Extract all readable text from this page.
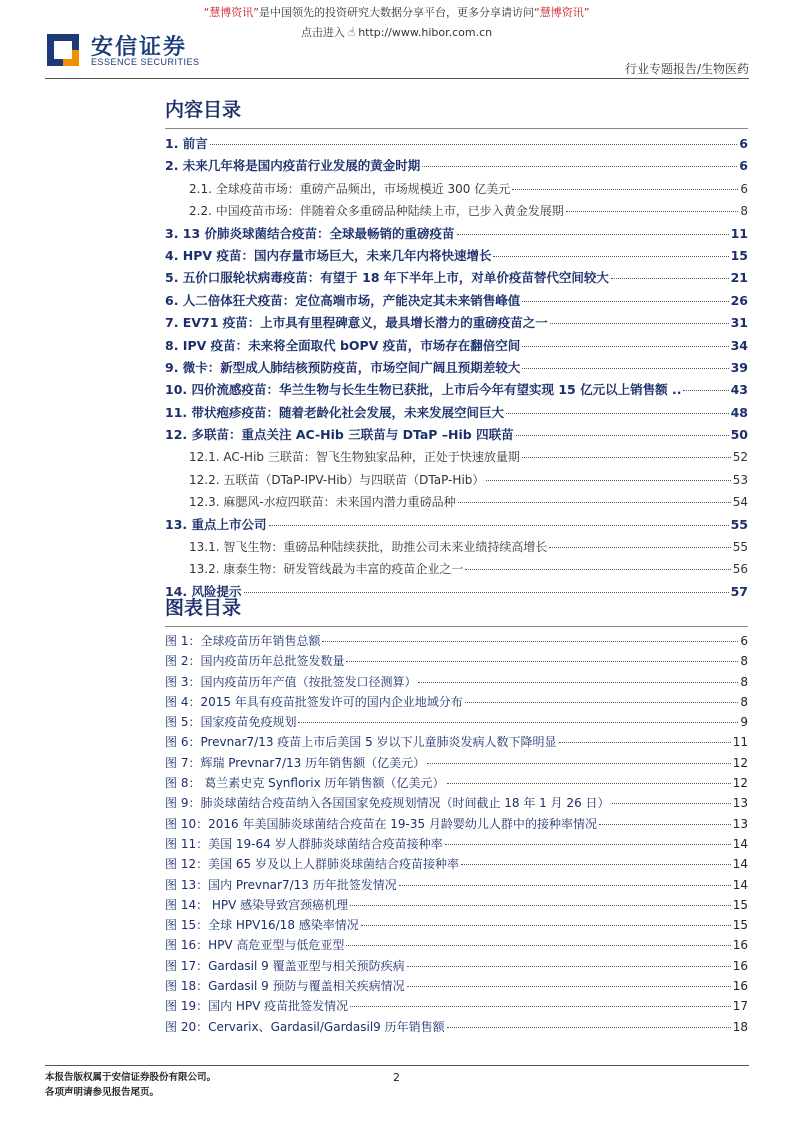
“慧博资讯”是中国领先的投资研究大数据分享平台，更多分享请访问“慧博资讯”
点击进入 ☝ http://www.hibor.com.cn
安信证券
ESSENCE SECURITIES	行业专题报告/生物医药
内容目录
1. 前言	6
2. 未来几年将是国内疫苗行业发展的黄金时期	6
2.1. 全球疫苗市场：重磅产品频出，市场规模近 300 亿美元	6
2.2. 中国疫苗市场：伴随着众多重磅品种陆续上市，已步入黄金发展期	8
3. 13 价肺炎球菌结合疫苗：全球最畅销的重磅疫苗	11
4. HPV 疫苗：国内存量市场巨大，未来几年内将快速增长	15
5. 五价口服轮状病毒疫苗：有望于 18 年下半年上市，对单价疫苗替代空间较大	21
6. 人二倍体狂犬疫苗：定位高端市场，产能决定其未来销售峰值	26
7. EV71 疫苗：上市具有里程碑意义，最具增长潜力的重磅疫苗之一	31
8. IPV 疫苗：未来将全面取代 bOPV 疫苗，市场存在翻倍空间	34
9. 微卡：新型成人肺结核预防疫苗，市场空间广阔且预期差较大	39
10. 四价流感疫苗：华兰生物与长生生物已获批，上市后今年有望实现 15 亿元以上销售额 ..	43
11. 带状疱疹疫苗：随着老龄化社会发展，未来发展空间巨大	48
12. 多联苗：重点关注 AC-Hib 三联苗与 DTaP –Hib 四联苗	50
12.1. AC-Hib 三联苗：智飞生物独家品种，正处于快速放量期	52
12.2. 五联苗（DTaP-IPV-Hib）与四联苗（DTaP-Hib）	53
12.3. 麻腮风-水痘四联苗：未来国内潜力重磅品种	54
13. 重点上市公司	55
13.1. 智飞生物：重磅品种陆续获批，助推公司未来业绩持续高增长	55
13.2. 康泰生物：研发管线最为丰富的疫苗企业之一	56
14. 风险提示	57
图表目录
图 1：全球疫苗历年销售总额	6
图 2：国内疫苗历年总批签发数量	8
图 3：国内疫苗历年产值（按批签发口径测算）	8
图 4：2015 年具有疫苗批签发许可的国内企业地域分布	8
图 5：国家疫苗免疫规划	9
图 6：Prevnar7/13 疫苗上市后美国 5 岁以下儿童肺炎发病人数下降明显	11
图 7：辉瑞 Prevnar7/13 历年销售额（亿美元）	12
图 8： 葛兰素史克 Synflorix 历年销售额（亿美元）	12
图 9：肺炎球菌结合疫苗纳入各国国家免疫规划情况（时间截止 18 年 1 月 26 日）	13
图 10：2016 年美国肺炎球菌结合疫苗在 19-35 月龄婴幼儿人群中的接种率情况	13
图 11：美国 19-64 岁人群肺炎球菌结合疫苗接种率	14
图 12：美国 65 岁及以上人群肺炎球菌结合疫苗接种率	14
图 13：国内 Prevnar7/13 历年批签发情况	14
图 14： HPV 感染导致宫颈癌机理	15
图 15：全球 HPV16/18 感染率情况	15
图 16：HPV 高危亚型与低危亚型	16
图 17：Gardasil 9 覆盖亚型与相关预防疾病	16
图 18：Gardasil 9 预防与覆盖相关疾病情况	16
图 19：国内 HPV 疫苗批签发情况	17
图 20：Cervarix、Gardasil/Gardasil9 历年销售额	18
本报告版权属于安信证券股份有限公司。
各项声明请参见报告尾页。
2
